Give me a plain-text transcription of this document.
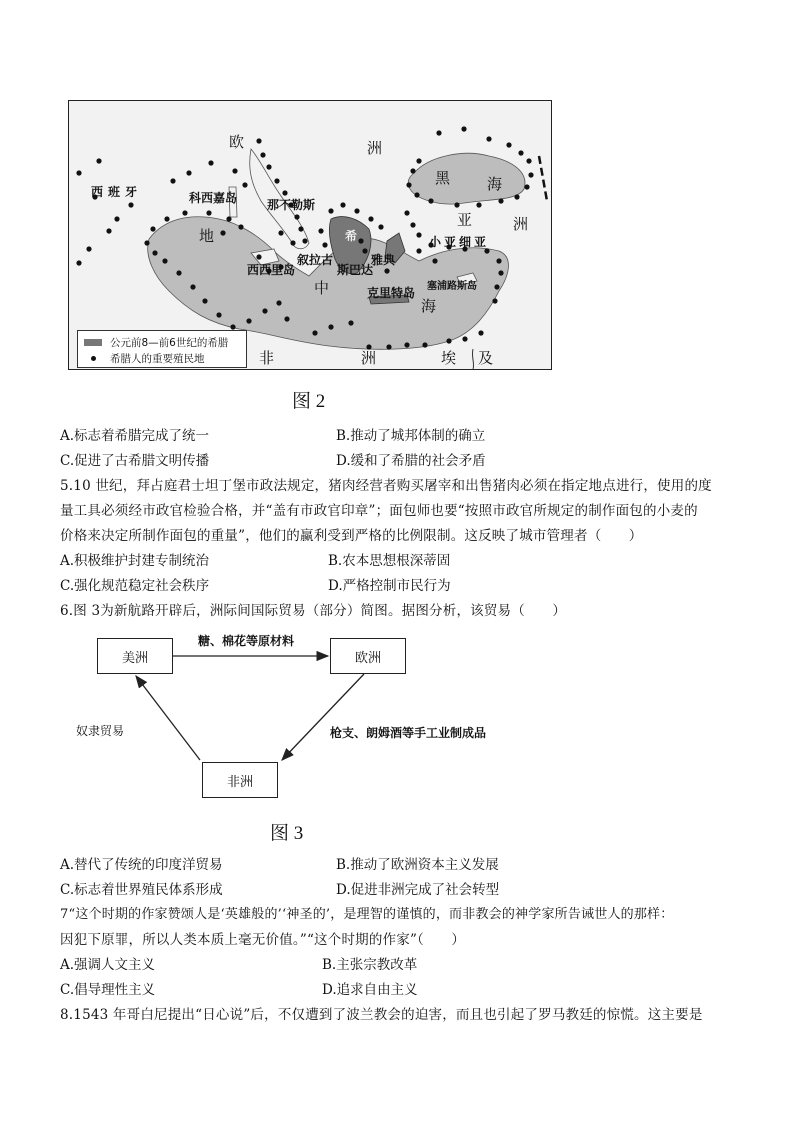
欧	洲
西班牙	科西嘉岛 那不勒斯
黑 海
亚	洲
小亚细亚
地
中
海
西西里岛
叙拉古
斯巴达
雅典
希
克里特岛 塞浦路斯岛
非	洲	埃及
公元前8—前6世纪的希腊
希腊人的重要殖民地
图 2
A.标志着希腊完成了统一	B.推动了城邦体制的确立
C.促进了古希腊文明传播	D.缓和了希腊的社会矛盾
5.10 世纪，拜占庭君士坦丁堡市政法规定，猪肉经营者购买屠宰和出售猪肉必须在指定地点进行，使用的度
量工具必须经市政官检验合格，并“盖有市政官印章”；面包师也要“按照市政官所规定的制作面包的小麦的
价格来决定所制作面包的重量”，他们的赢利受到严格的比例限制。这反映了城市管理者（　　）
A.积极维护封建专制统治	B.农本思想根深蒂固
C.强化规范稳定社会秩序	D.严格控制市民行为
6.图 3为新航路开辟后，洲际间国际贸易（部分）简图。据图分析，该贸易（　　）
美洲	欧洲
非洲
糖、棉花等原材料
枪支、朗姆酒等手工业制成品
奴隶贸易
图 3
A.替代了传统的印度洋贸易	B.推动了欧洲资本主义发展
C.标志着世界殖民体系形成	D.促进非洲完成了社会转型
7“这个时期的作家赞颂人是‘英雄般的’‘神圣的’，是理智的谨慎的，而非教会的神学家所告诫世人的那样：
因犯下原罪，所以人类本质上毫无价值。”“这个时期的作家”（　　）
A.强调人文主义	B.主张宗教改革
C.倡导理性主义	D.追求自由主义
8.1543 年哥白尼提出“日心说”后，不仅遭到了波兰教会的迫害，而且也引起了罗马教廷的惊慌。这主要是
